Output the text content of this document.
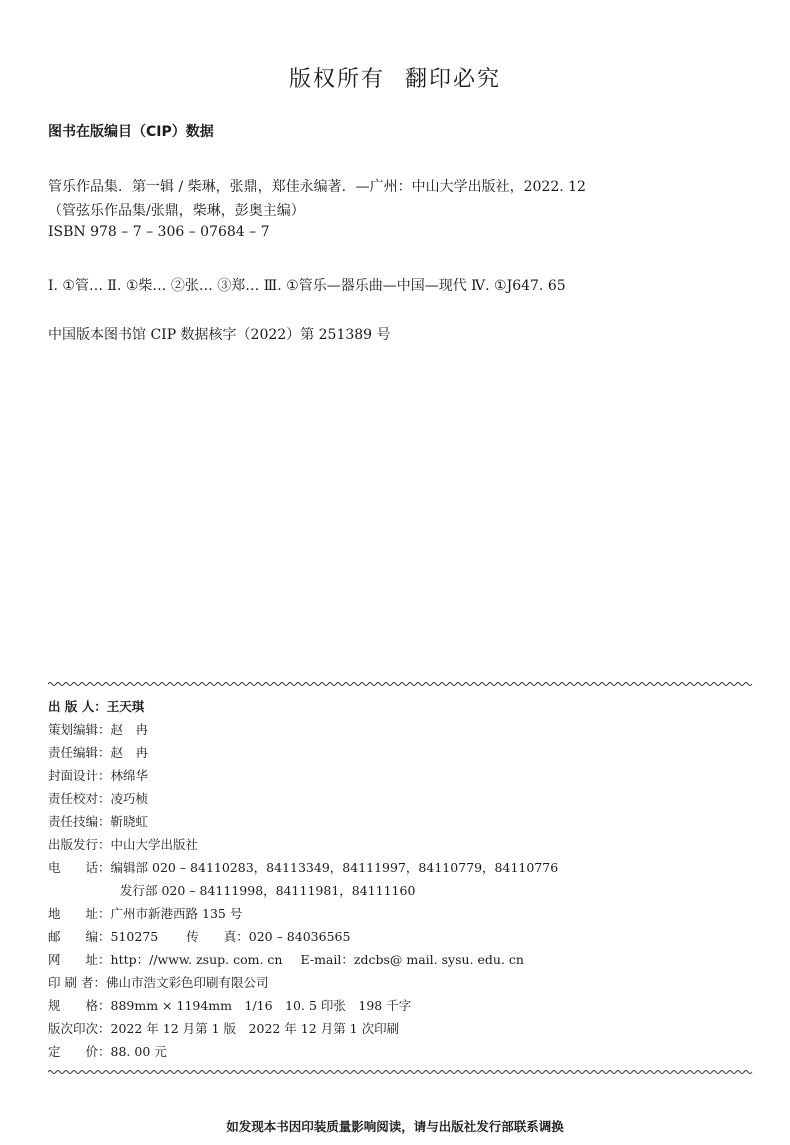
版权所有 翻印必究
图书在版编目（CIP）数据
管乐作品集．第一辑 / 柴琳，张鼎，郑佳永编著．—广州：中山大学出版社，2022. 12
（管弦乐作品集/张鼎，柴琳，彭奥主编）
ISBN 978 – 7 – 306 – 07684 – 7
Ⅰ. ①管… Ⅱ. ①柴… ②张… ③郑… Ⅲ. ①管乐—器乐曲—中国—现代 Ⅳ. ①J647. 65
中国版本图书馆 CIP 数据核字（2022）第 251389 号
出 版 人：王天琪
策划编辑：赵　冉
责任编辑：赵　冉
封面设计：林绵华
责任校对：凌巧桢
责任技编：靳晓虹
出版发行：中山大学出版社
电　　话：编辑部 020 – 84110283，84113349，84111997，84110779，84110776
发行部 020 – 84111998，84111981，84111160
地　　址：广州市新港西路 135 号
邮　　编：510275 传　　真：020 – 84036565
网　　址：http：//www. zsup. com. cn E-mail：zdcbs@ mail. sysu. edu. cn
印 刷 者：佛山市浩文彩色印刷有限公司
规　　格：889mm × 1194mm　1/16　10. 5 印张　198 千字
版次印次：2022 年 12 月第 1 版　2022 年 12 月第 1 次印刷
定　　价：88. 00 元
如发现本书因印装质量影响阅读，请与出版社发行部联系调换
